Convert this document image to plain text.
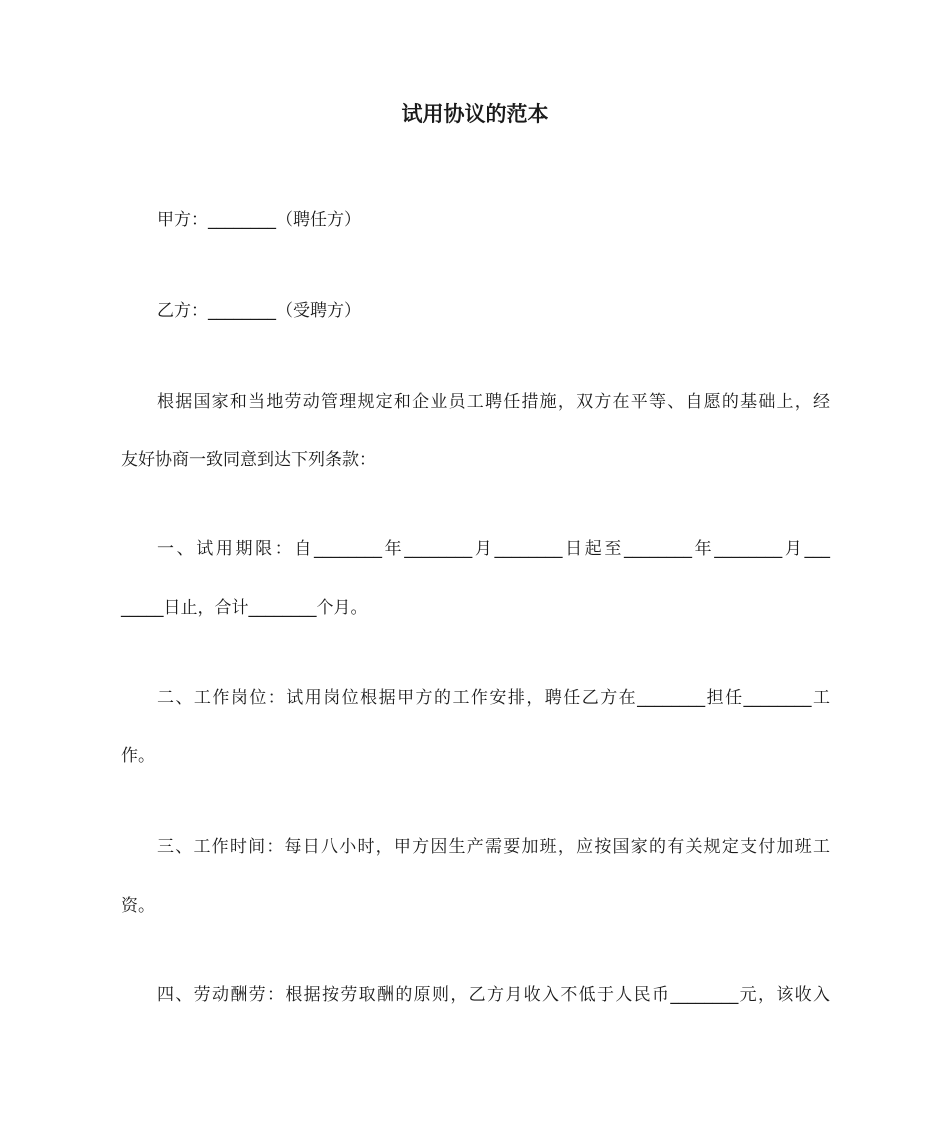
试用协议的范本
甲方：________（聘任方）
乙方：________（受聘方）
根据国家和当地劳动管理规定和企业员工聘任措施，双方在平等、自愿的基础上，经
友好协商一致同意到达下列条款：
一、试用期限：自________年________月________日起至________年________月___
_____日止，合计________个月。
二、工作岗位：试用岗位根据甲方的工作安排，聘任乙方在________担任________工
作。
三、工作时间：每日八小时，甲方因生产需要加班，应按国家的有关规定支付加班工
资。
四、劳动酬劳：根据按劳取酬的原则，乙方月收入不低于人民币________元，该收入
